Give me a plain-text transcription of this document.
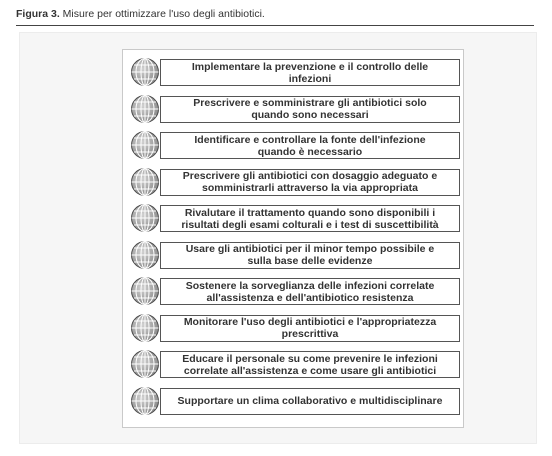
Figura 3. Misure per ottimizzare l'uso degli antibiotici.
Implementare la prevenzione e il controllo delle
infezioni
Prescrivere e somministrare gli antibiotici solo
quando sono necessari
Identificare e controllare la fonte dell'infezione
quando è necessario
Prescrivere gli antibiotici con dosaggio adeguato e
somministrarli attraverso la via appropriata
Rivalutare il trattamento quando sono disponibili i
risultati degli esami colturali e i test di suscettibilità
Usare gli antibiotici per il minor tempo possibile e
sulla base delle evidenze
Sostenere la sorveglianza delle infezioni correlate
all'assistenza e dell'antibiotico resistenza
Monitorare l'uso degli antibiotici e l'appropriatezza
prescrittiva
Educare il personale su come prevenire le infezioni
correlate all'assistenza e come usare gli antibiotici
Supportare un clima collaborativo e multidisciplinare
